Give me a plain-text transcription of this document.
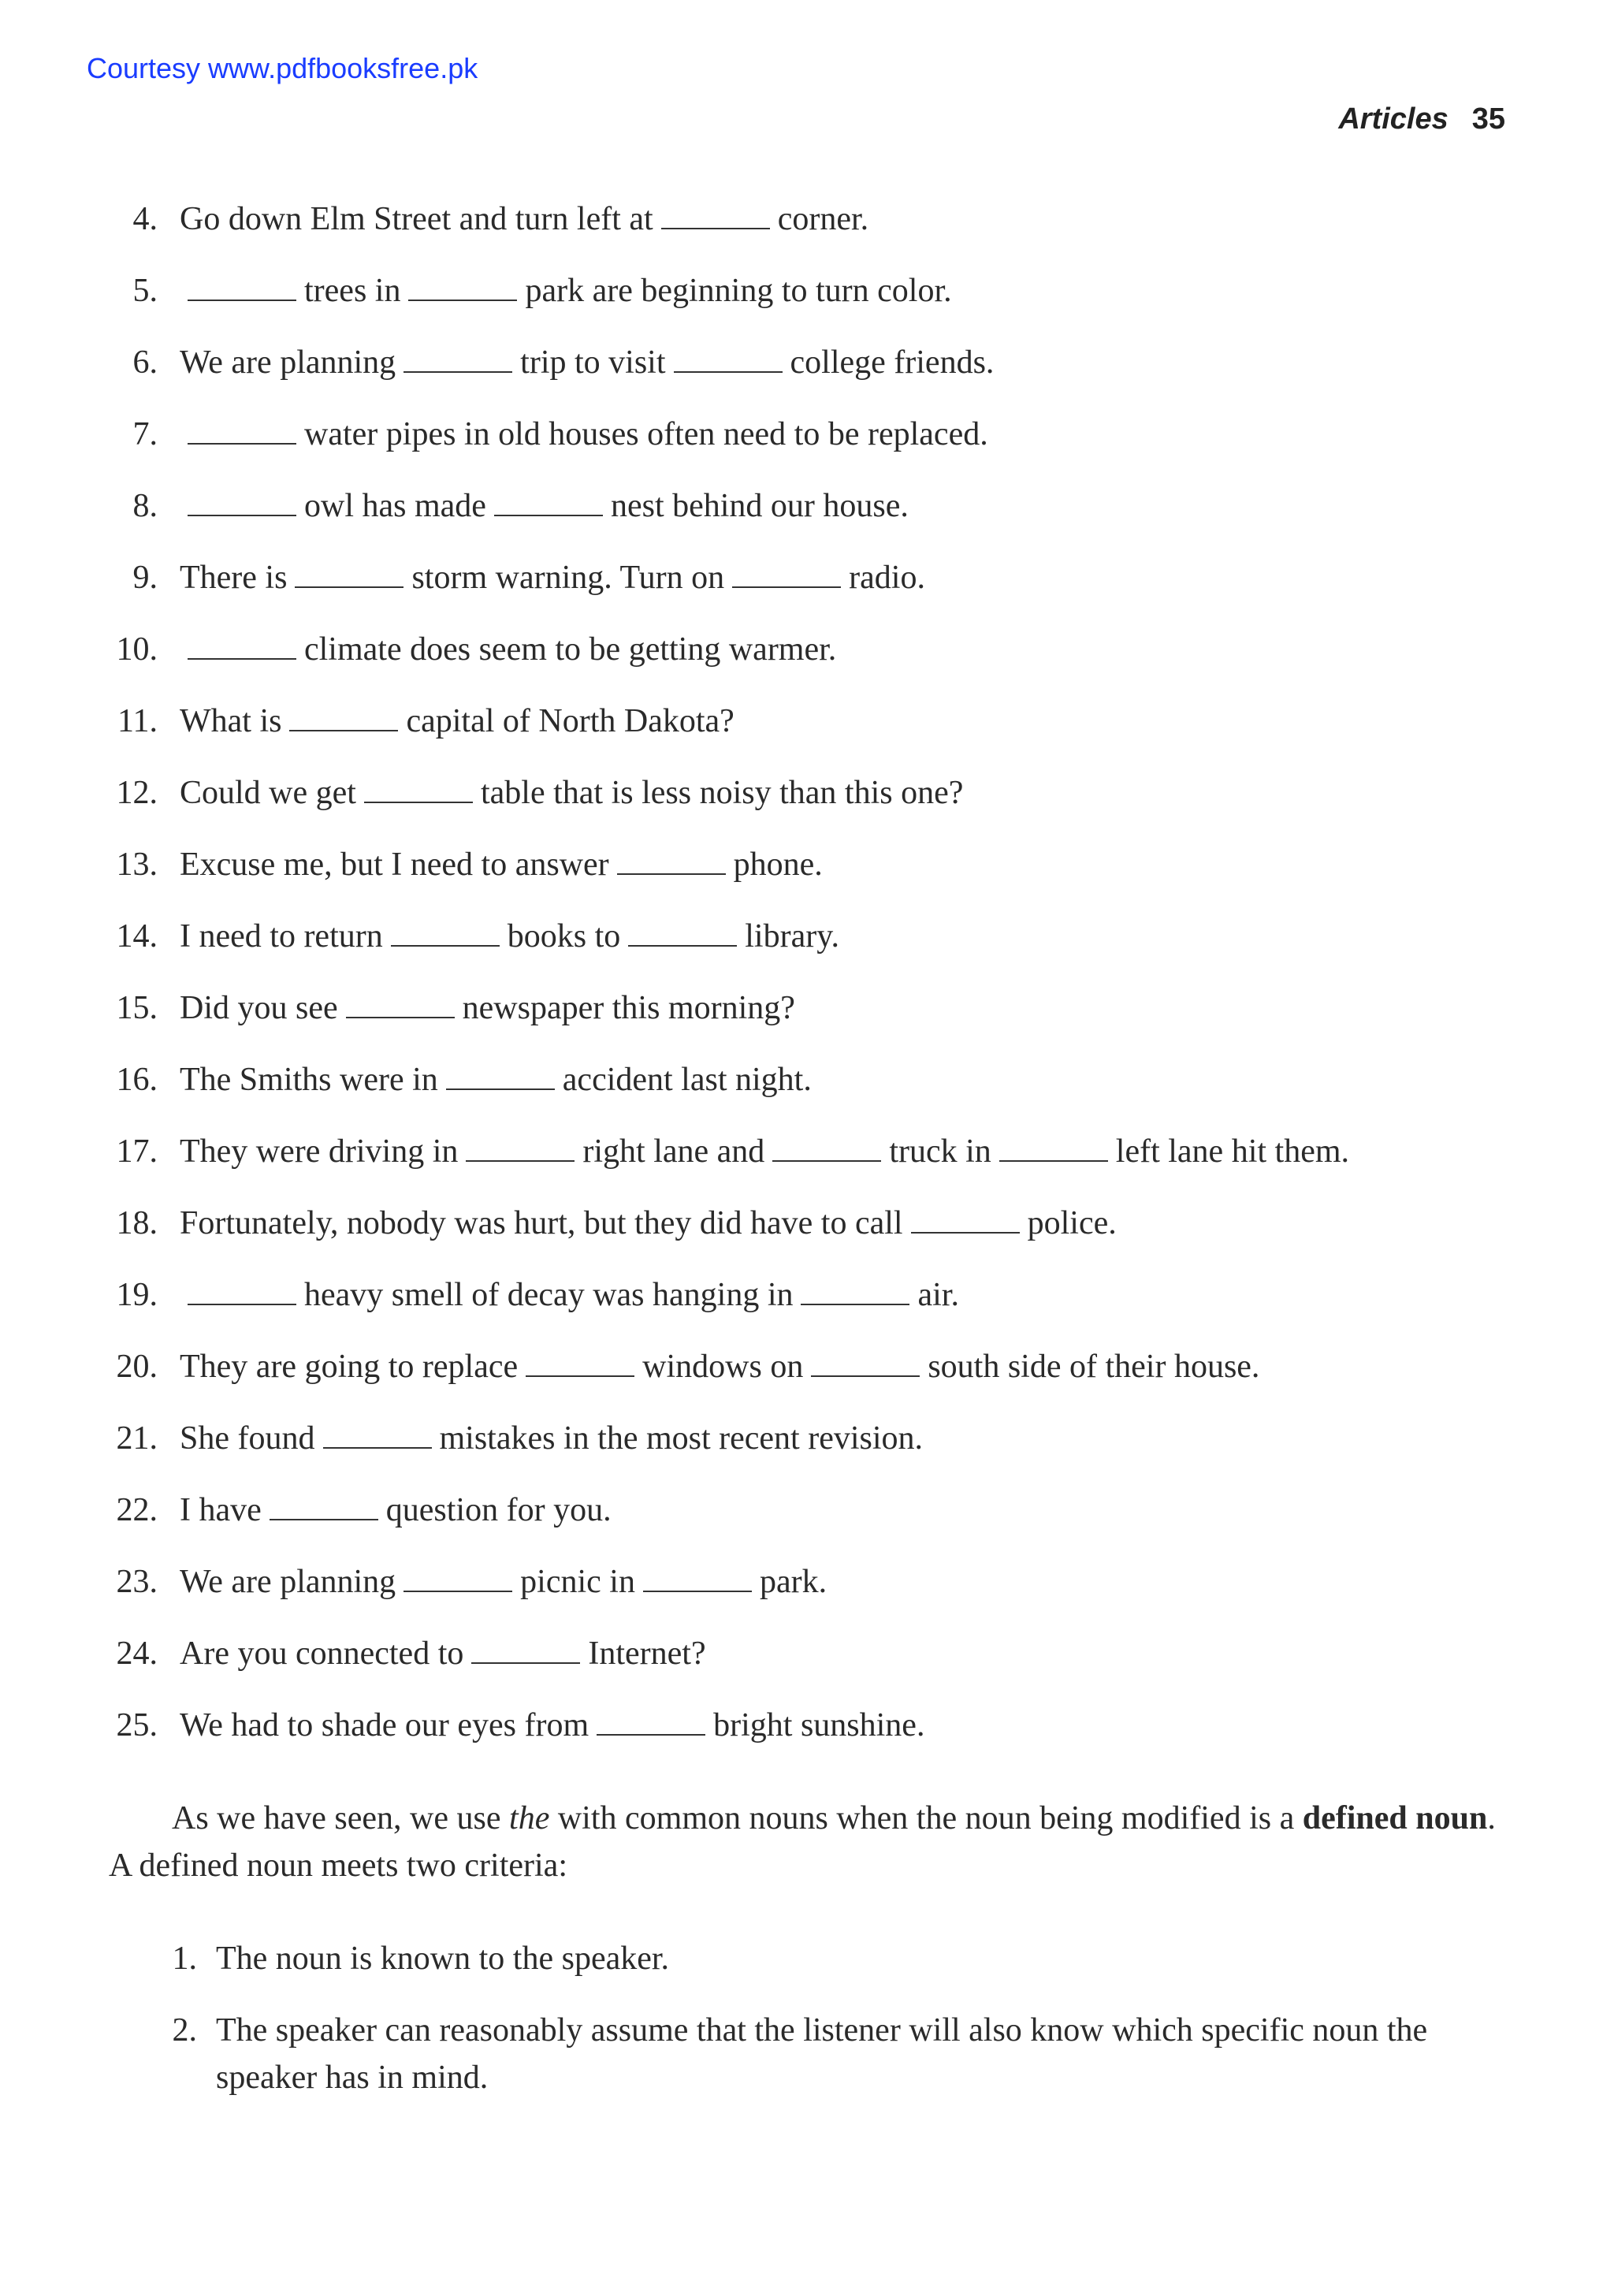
Courtesy www.pdfbooksfree.pk
Articles 35
4. Go down Elm Street and turn left at	corner.
5.	trees in	park are beginning to turn color.
6. We are planning	trip to visit	college friends.
7.	water pipes in old houses often need to be replaced.
8.	owl has made	nest behind our house.
9. There is	storm warning. Turn on	radio.
10.	climate does seem to be getting warmer.
11. What is	capital of North Dakota?
12. Could we get	table that is less noisy than this one?
13. Excuse me, but I need to answer	phone.
14. I need to return	books to	library.
15. Did you see	newspaper this morning?
16. The Smiths were in	accident last night.
17. They were driving in	right lane and	truck in	left lane hit them.
18. Fortunately, nobody was hurt, but they did have to call	police.
19.	heavy smell of decay was hanging in	air.
20. They are going to replace	windows on	south side of their house.
21. She found	mistakes in the most recent revision.
22. I have	question for you.
23. We are planning	picnic in	park.
24. Are you connected to	Internet?
25. We had to shade our eyes from	bright sunshine.

As we have seen, we use the with common nouns when the noun being modified is a defined noun. A defined noun meets two criteria:

1. The noun is known to the speaker.
2. The speaker can reasonably assume that the listener will also know which specific noun the speaker has in mind.
